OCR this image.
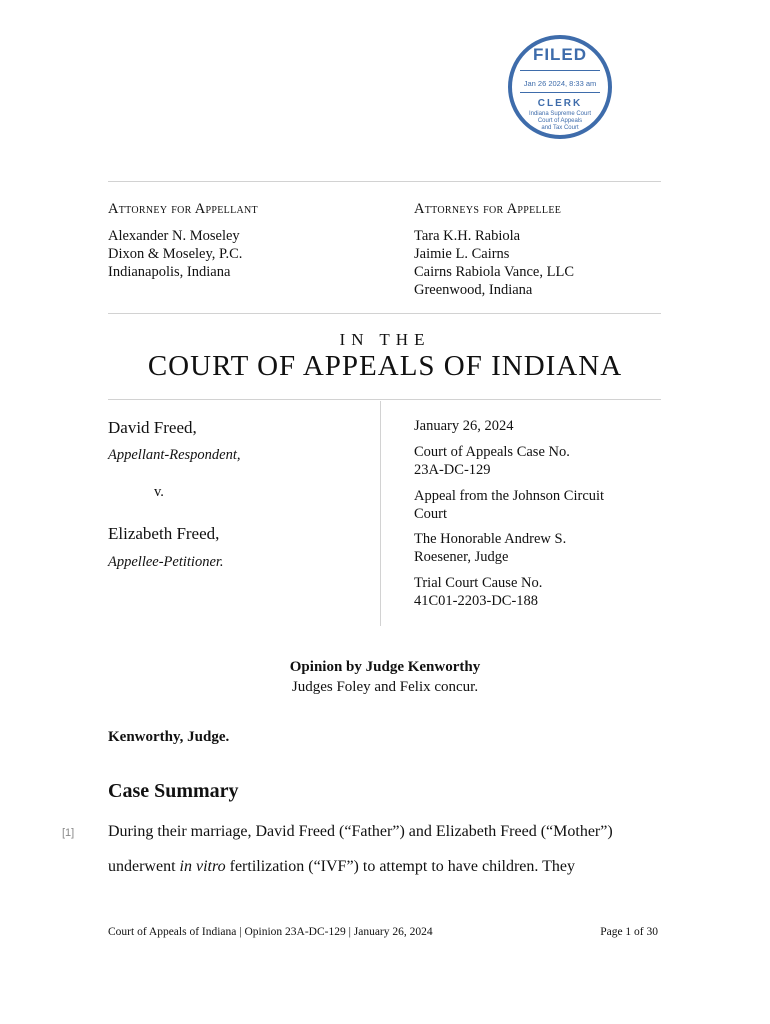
FILED
Jan 26 2024, 8:33 am
CLERK
Indiana Supreme Court
Court of Appeals
and Tax Court
Attorney for Appellant
Alexander N. Moseley
Dixon & Moseley, P.C.
Indianapolis, Indiana
Attorneys for Appellee
Tara K.H. Rabiola
Jaimie L. Cairns
Cairns Rabiola Vance, LLC
Greenwood, Indiana
IN THE
COURT OF APPEALS OF INDIANA
David Freed,
Appellant-Respondent,
v.
Elizabeth Freed,
Appellee-Petitioner.
January 26, 2024
Court of Appeals Case No.
23A-DC-129
Appeal from the Johnson Circuit
Court
The Honorable Andrew S.
Roesener, Judge
Trial Court Cause No.
41C01-2203-DC-188
Opinion by Judge Kenworthy
Judges Foley and Felix concur.
Kenworthy, Judge.
Case Summary
[1] During their marriage, David Freed (“Father”) and Elizabeth Freed (“Mother”)
underwent in vitro fertilization (“IVF”) to attempt to have children. They
Court of Appeals of Indiana | Opinion 23A-DC-129 | January 26, 2024	Page 1 of 30
